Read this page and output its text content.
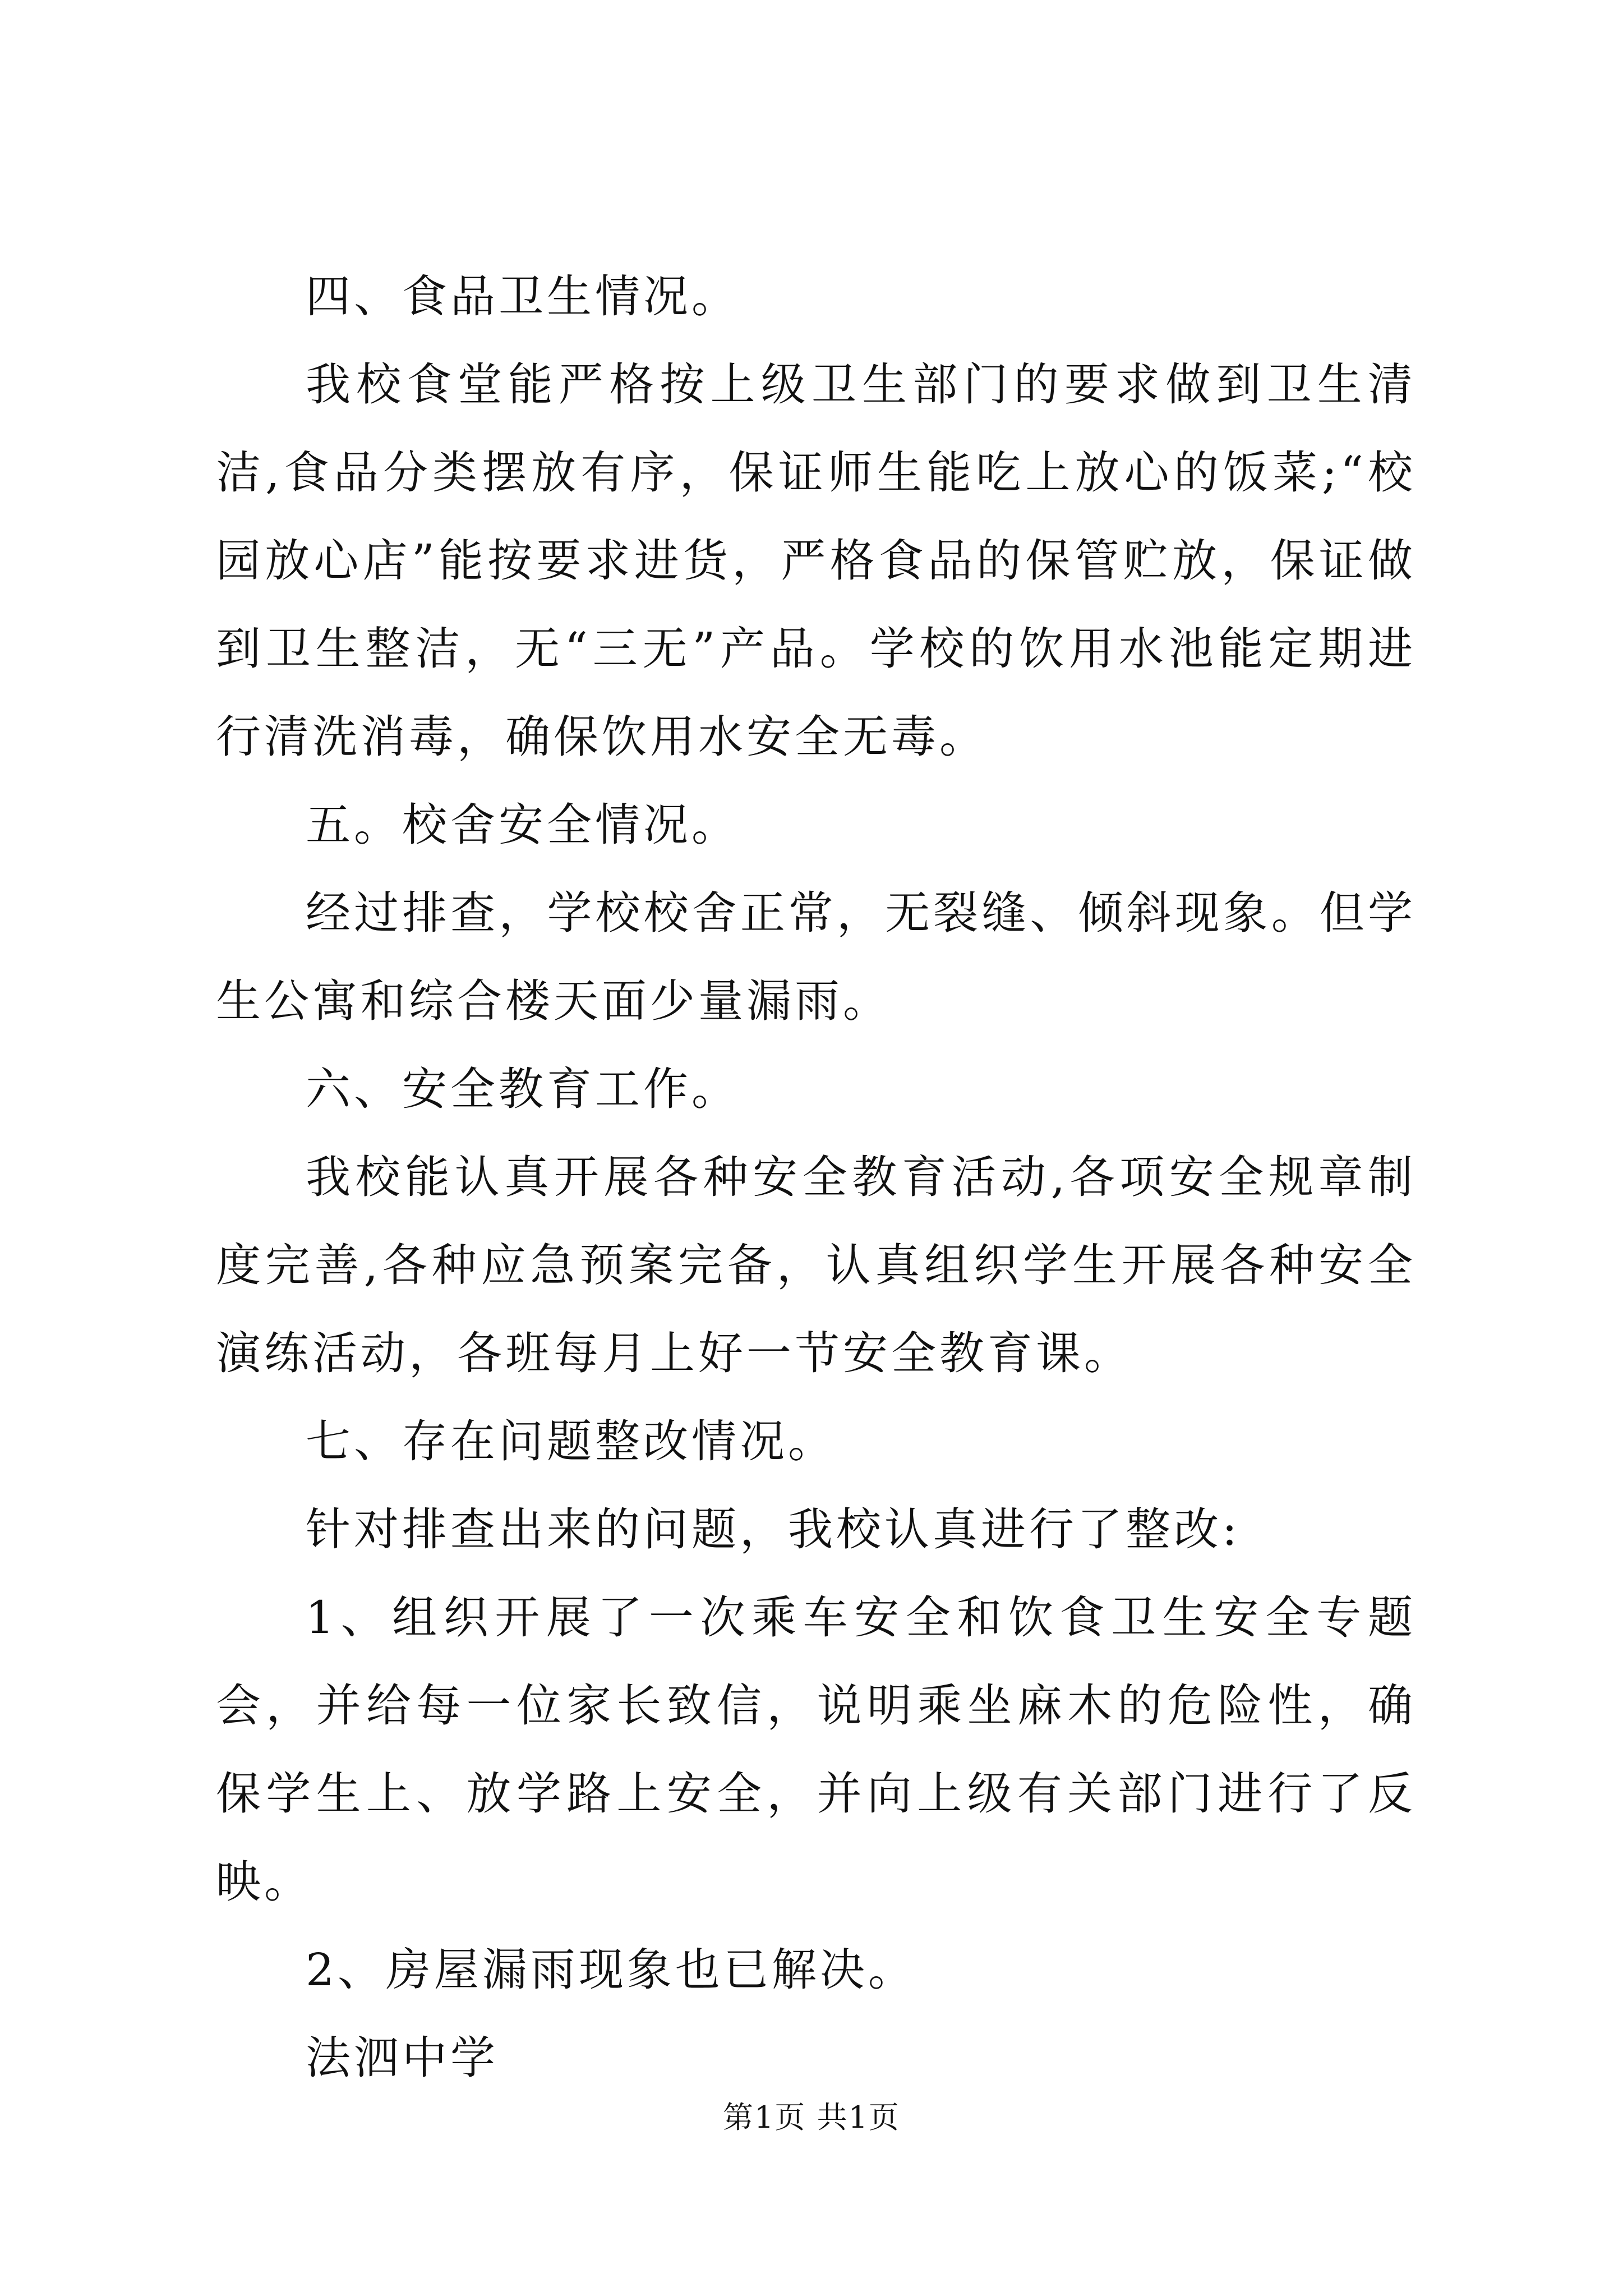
四、食品卫生情况。

我校食堂能严格按上级卫生部门的要求做到卫生清洁,食品分类摆放有序，保证师生能吃上放心的饭菜;“校园放心店”能按要求进货，严格食品的保管贮放，保证做到卫生整洁，无“三无”产品。学校的饮用水池能定期进行清洗消毒，确保饮用水安全无毒。

五。校舍安全情况。

经过排查，学校校舍正常，无裂缝、倾斜现象。但学生公寓和综合楼天面少量漏雨。

六、安全教育工作。

我校能认真开展各种安全教育活动,各项安全规章制度完善,各种应急预案完备，认真组织学生开展各种安全演练活动，各班每月上好一节安全教育课。

七、存在问题整改情况。

针对排查出来的问题，我校认真进行了整改:

1、组织开展了一次乘车安全和饮食卫生安全专题会，并给每一位家长致信，说明乘坐麻木的危险性，确保学生上、放学路上安全，并向上级有关部门进行了反映。

2、房屋漏雨现象也已解决。

法泗中学

第1页 共1页
